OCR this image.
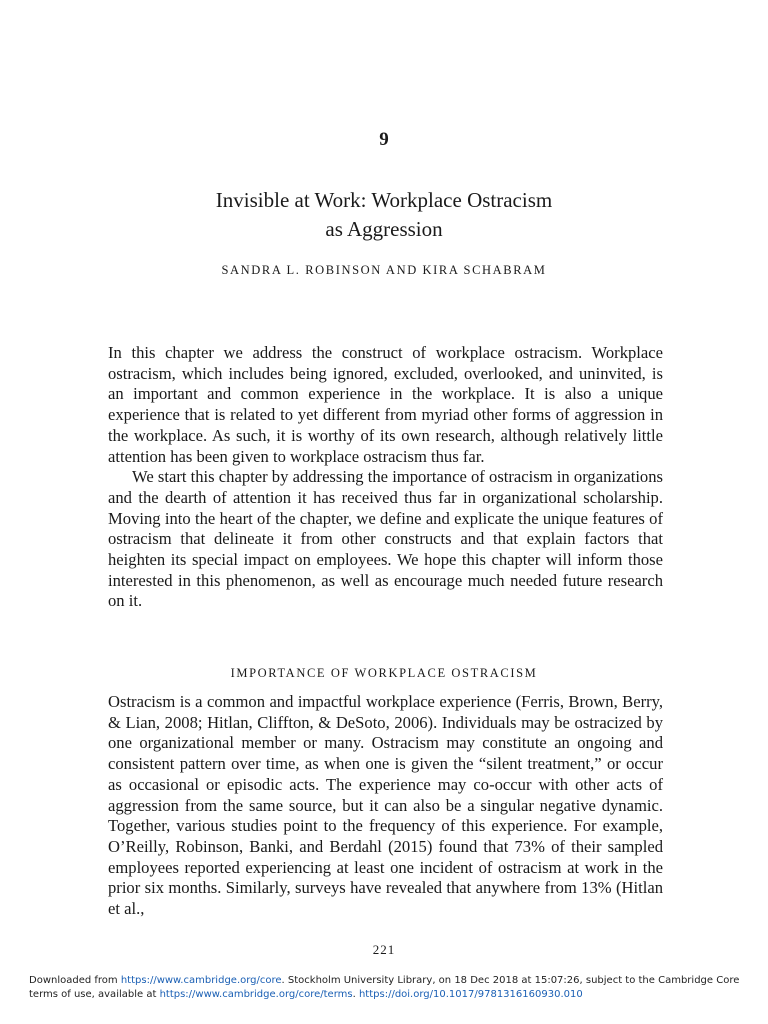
9
Invisible at Work: Workplace Ostracism
as Aggression
SANDRA L. ROBINSON AND KIRA SCHABRAM

In this chapter we address the construct of workplace ostracism. Workplace ostracism, which includes being ignored, excluded, overlooked, and uninvited, is an important and common experience in the workplace. It is also a unique experience that is related to yet different from myriad other forms of aggression in the workplace. As such, it is worthy of its own research, although relatively little attention has been given to workplace ostracism thus far.

We start this chapter by addressing the importance of ostracism in organizations and the dearth of attention it has received thus far in organizational scholarship. Moving into the heart of the chapter, we define and explicate the unique features of ostracism that delineate it from other constructs and that explain factors that heighten its special impact on employees. We hope this chapter will inform those interested in this phenomenon, as well as encourage much needed future research on it.

IMPORTANCE OF WORKPLACE OSTRACISM

Ostracism is a common and impactful workplace experience (Ferris, Brown, Berry, & Lian, 2008; Hitlan, Cliffton, & DeSoto, 2006). Individuals may be ostracized by one organizational member or many. Ostracism may constitute an ongoing and consistent pattern over time, as when one is given the “silent treatment,” or occur as occasional or episodic acts. The experience may co-occur with other acts of aggression from the same source, but it can also be a singular negative dynamic. Together, various studies point to the frequency of this experience. For example, O’Reilly, Robinson, Banki, and Berdahl (2015) found that 73% of their sampled employees reported experiencing at least one incident of ostracism at work in the prior six months. Similarly, surveys have revealed that anywhere from 13% (Hitlan et al.,

221
Downloaded from https://www.cambridge.org/core. Stockholm University Library, on 18 Dec 2018 at 15:07:26, subject to the Cambridge Core terms of use, available at https://www.cambridge.org/core/terms. https://doi.org/10.1017/9781316160930.010
